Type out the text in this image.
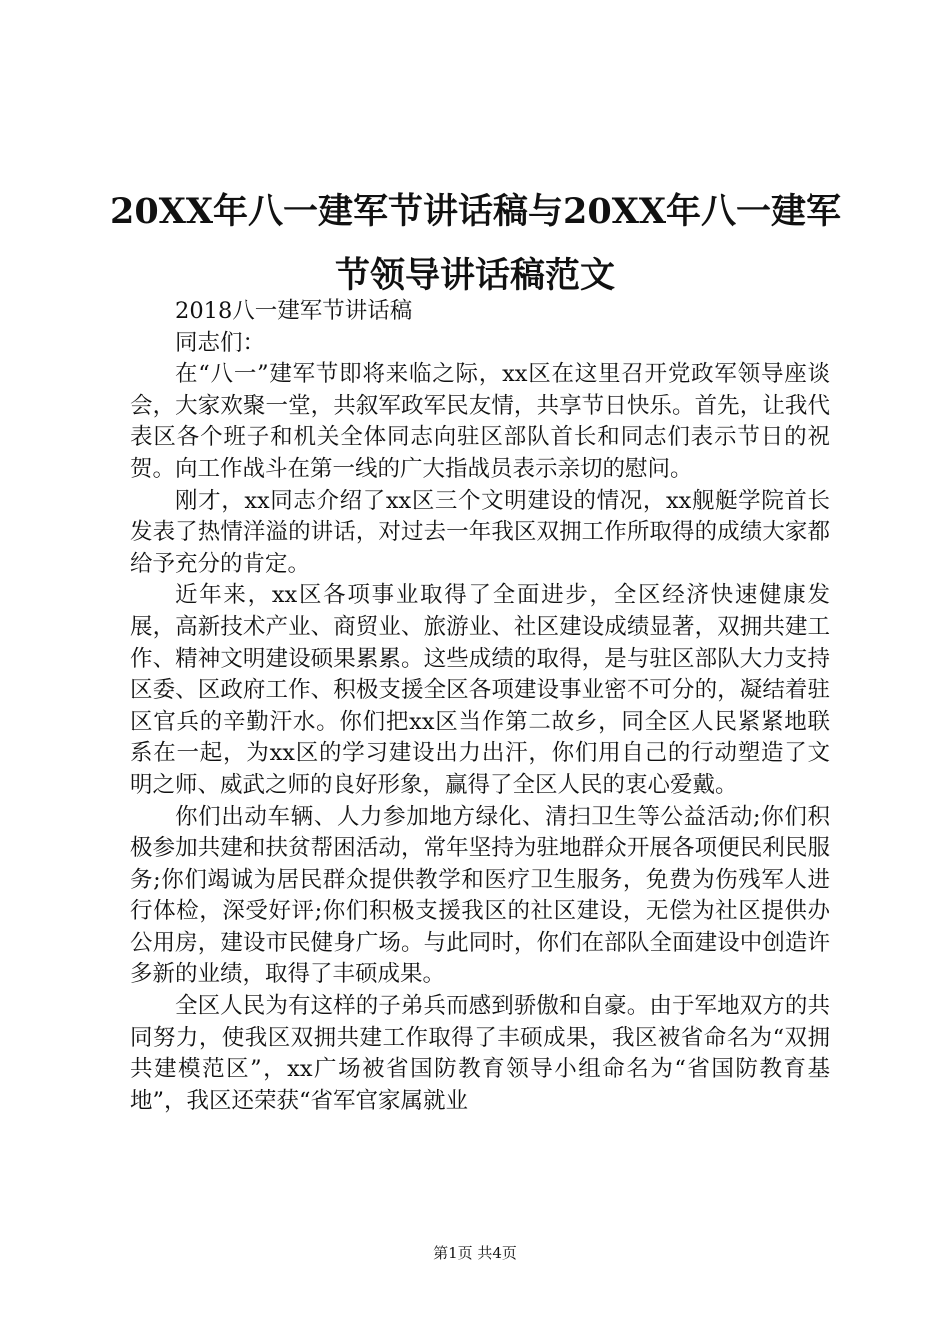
20XX年八一建军节讲话稿与20XX年八一建军
节领导讲话稿范文

2018八一建军节讲话稿

同志们：

在“八一”建军节即将来临之际，xx区在这里召开党政军领导座谈会，大家欢聚一堂，共叙军政军民友情，共享节日快乐。首先，让我代表区各个班子和机关全体同志向驻区部队首长和同志们表示节日的祝贺。向工作战斗在第一线的广大指战员表示亲切的慰问。

刚才，xx同志介绍了xx区三个文明建设的情况，xx舰艇学院首长发表了热情洋溢的讲话，对过去一年我区双拥工作所取得的成绩大家都给予充分的肯定。

近年来，xx区各项事业取得了全面进步，全区经济快速健康发展，高新技术产业、商贸业、旅游业、社区建设成绩显著，双拥共建工作、精神文明建设硕果累累。这些成绩的取得，是与驻区部队大力支持区委、区政府工作、积极支援全区各项建设事业密不可分的，凝结着驻区官兵的辛勤汗水。你们把xx区当作第二故乡，同全区人民紧紧地联系在一起，为xx区的学习建设出力出汗，你们用自己的行动塑造了文明之师、威武之师的良好形象，赢得了全区人民的衷心爱戴。

你们出动车辆、人力参加地方绿化、清扫卫生等公益活动;你们积极参加共建和扶贫帮困活动，常年坚持为驻地群众开展各项便民利民服务;你们竭诚为居民群众提供教学和医疗卫生服务，免费为伤残军人进行体检，深受好评;你们积极支援我区的社区建设，无偿为社区提供办公用房，建设市民健身广场。与此同时，你们在部队全面建设中创造许多新的业绩，取得了丰硕成果。

全区人民为有这样的子弟兵而感到骄傲和自豪。由于军地双方的共同努力，使我区双拥共建工作取得了丰硕成果，我区被省命名为“双拥共建模范区”，xx广场被省国防教育领导小组命名为“省国防教育基地”，我区还荣获“省军官家属就业

第1页 共4页
